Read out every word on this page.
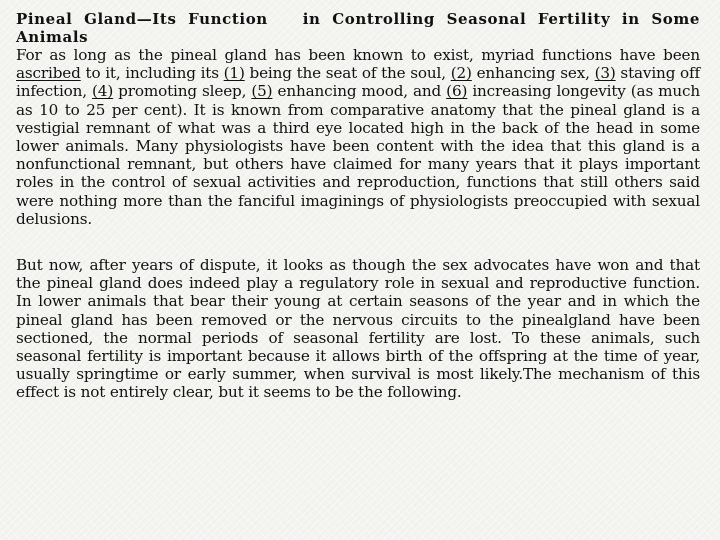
Pineal Gland—Its Function in Controlling Seasonal Fertility in Some Animals

For as long as the pineal gland has been known to exist, myriad functions have been ascribed to it, including its (1) being the seat of the soul, (2) enhancing sex, (3) staving off infection, (4) promoting sleep, (5) enhancing mood, and (6) increasing longevity (as much as 10 to 25 per cent). It is known from comparative anatomy that the pineal gland is a vestigial remnant of what was a third eye located high in the back of the head in some lower animals. Many physiologists have been content with the idea that this gland is a nonfunctional remnant, but others have claimed for many years that it plays important roles in the control of sexual activities and reproduction, functions that still others said were nothing more than the fanciful imaginings of physiologists preoccupied with sexual delusions.

But now, after years of dispute, it looks as though the sex advocates have won and that the pineal gland does indeed play a regulatory role in sexual and reproductive function. In lower animals that bear their young at certain seasons of the year and in which the pineal gland has been removed or the nervous circuits to the pinealgland have been sectioned, the normal periods of seasonal fertility are lost. To these animals, such seasonal fertility is important because it allows birth of the offspring at the time of year, usually springtime or early summer, when survival is most likely.The mechanism of this effect is not entirely clear, but it seems to be the following.
